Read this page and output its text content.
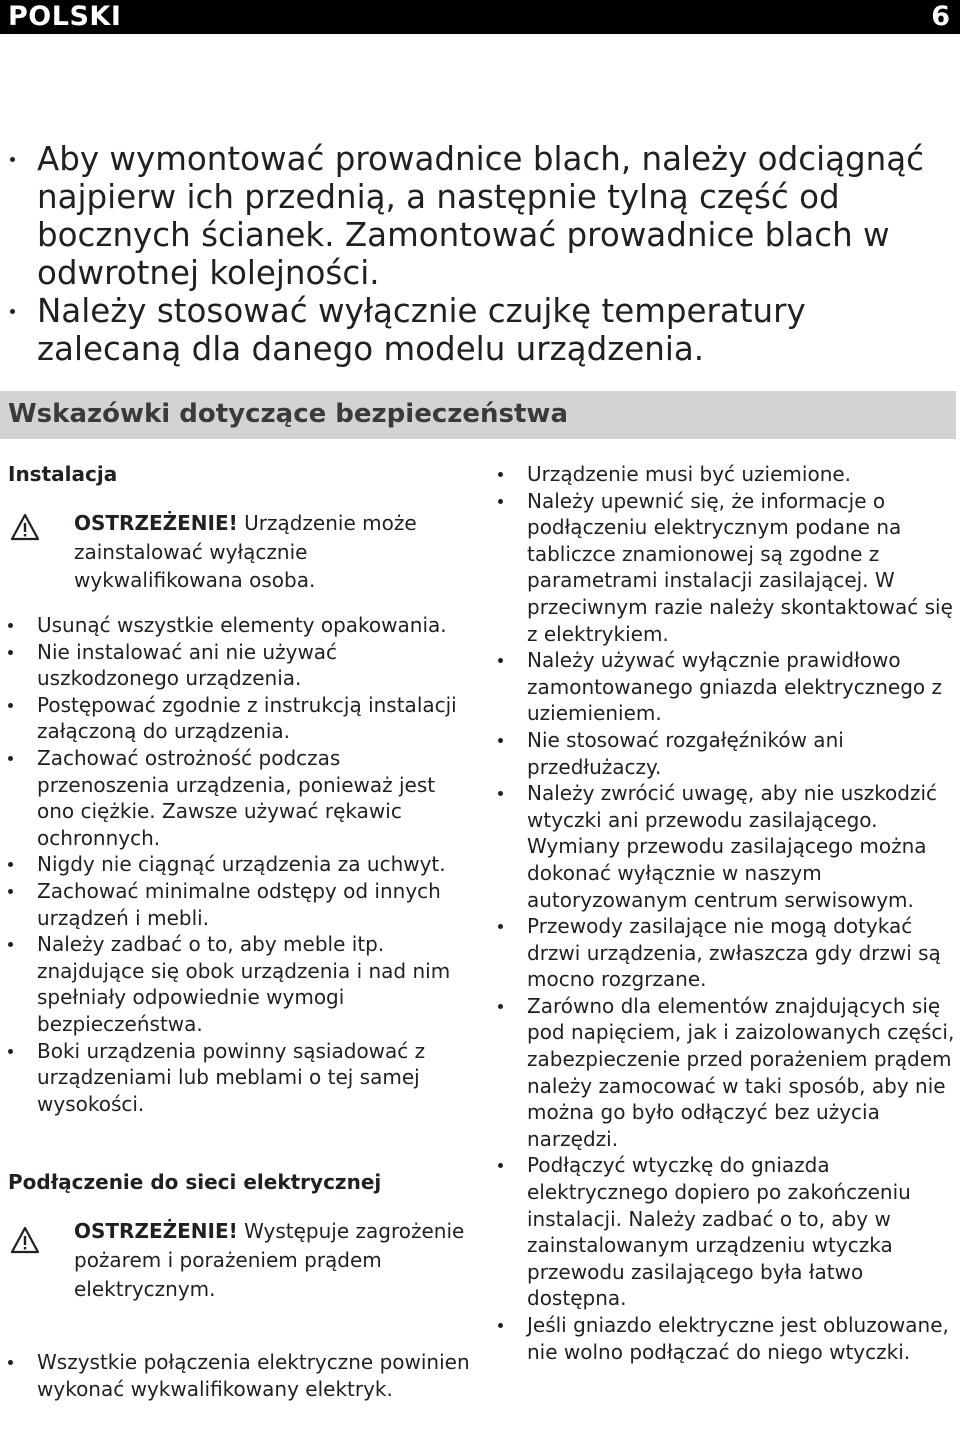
POLSKI	6
Aby wymontować prowadnice blach, należy odciągnąć najpierw ich przednią, a następnie tylną część od bocznych ścianek. Zamontować prowadnice blach w odwrotnej kolejności.
Należy stosować wyłącznie czujkę temperatury zalecaną dla danego modelu urządzenia.
Wskazówki dotyczące bezpieczeństwa
Instalacja
OSTRZEŻENIE! Urządzenie może zainstalować wyłącznie wykwalifikowana osoba.
Usunąć wszystkie elementy opakowania.
Nie instalować ani nie używać uszkodzonego urządzenia.
Postępować zgodnie z instrukcją instalacji załączoną do urządzenia.
Zachować ostrożność podczas przenoszenia urządzenia, ponieważ jest ono ciężkie. Zawsze używać rękawic ochronnych.
Nigdy nie ciągnąć urządzenia za uchwyt.
Zachować minimalne odstępy od innych urządzeń i mebli.
Należy zadbać o to, aby meble itp. znajdujące się obok urządzenia i nad nim spełniały odpowiednie wymogi bezpieczeństwa.
Boki urządzenia powinny sąsiadować z urządzeniami lub meblami o tej samej wysokości.
Podłączenie do sieci elektrycznej
OSTRZEŻENIE! Występuje zagrożenie pożarem i porażeniem prądem elektrycznym.
Wszystkie połączenia elektryczne powinien wykonać wykwalifikowany elektryk.
Urządzenie musi być uziemione.
Należy upewnić się, że informacje o podłączeniu elektrycznym podane na tabliczce znamionowej są zgodne z parametrami instalacji zasilającej. W przeciwnym razie należy skontaktować się z elektrykiem.
Należy używać wyłącznie prawidłowo zamontowanego gniazda elektrycznego z uziemieniem.
Nie stosować rozgałęźników ani przedłużaczy.
Należy zwrócić uwagę, aby nie uszkodzić wtyczki ani przewodu zasilającego. Wymiany przewodu zasilającego można dokonać wyłącznie w naszym autoryzowanym centrum serwisowym.
Przewody zasilające nie mogą dotykać drzwi urządzenia, zwłaszcza gdy drzwi są mocno rozgrzane.
Zarówno dla elementów znajdujących się pod napięciem, jak i zaizolowanych części, zabezpieczenie przed porażeniem prądem należy zamocować w taki sposób, aby nie można go było odłączyć bez użycia narzędzi.
Podłączyć wtyczkę do gniazda elektrycznego dopiero po zakończeniu instalacji. Należy zadbać o to, aby w zainstalowanym urządzeniu wtyczka przewodu zasilającego była łatwo dostępna.
Jeśli gniazdo elektryczne jest obluzowane, nie wolno podłączać do niego wtyczki.
